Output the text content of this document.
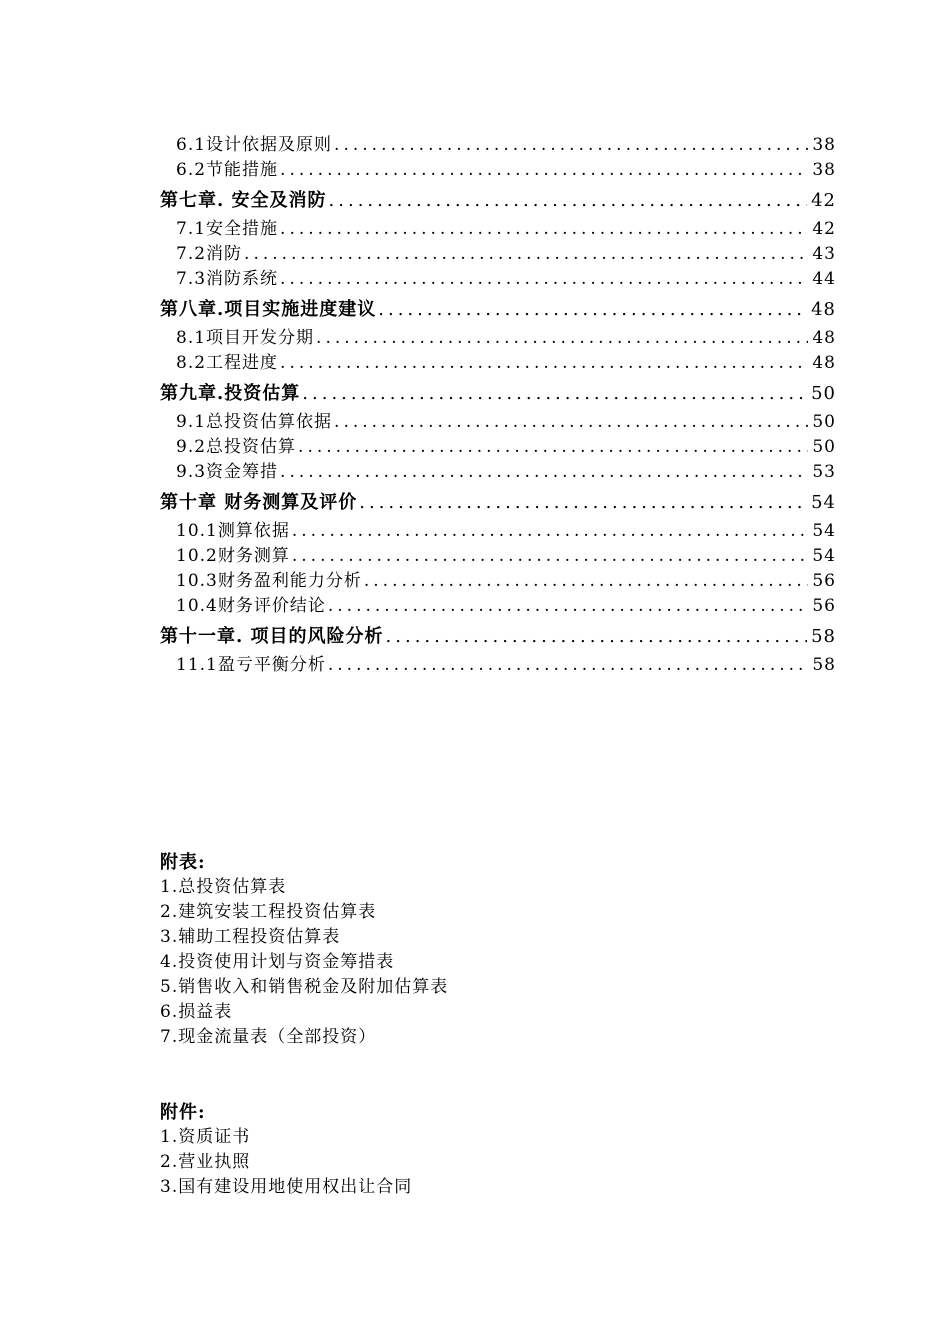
6.1设计依据及原则 .....	38
6.2节能措施 .....	38
第七章. 安全及消防 .....	42
7.1安全措施 .....	42
7.2消防 .....	43
7.3消防系统 .....	44
第八章.项目实施进度建议 .....	48
8.1项目开发分期 .....	48
8.2工程进度 .....	48
第九章.投资估算 .....	50
9.1总投资估算依据 .....	50
9.2总投资估算 .....	50
9.3资金筹措 .....	53
第十章 财务测算及评价 .....	54
10.1测算依据 .....	54
10.2财务测算 .....	54
10.3财务盈利能力分析 .....	56
10.4财务评价结论 .....	56
第十一章. 项目的风险分析 .....	58
11.1盈亏平衡分析 .....	58
附表:
1.总投资估算表
2.建筑安装工程投资估算表
3.辅助工程投资估算表
4.投资使用计划与资金筹措表
5.销售收入和销售税金及附加估算表
6.损益表
7.现金流量表（全部投资）
附件:
1.资质证书
2.营业执照
3.国有建设用地使用权出让合同
